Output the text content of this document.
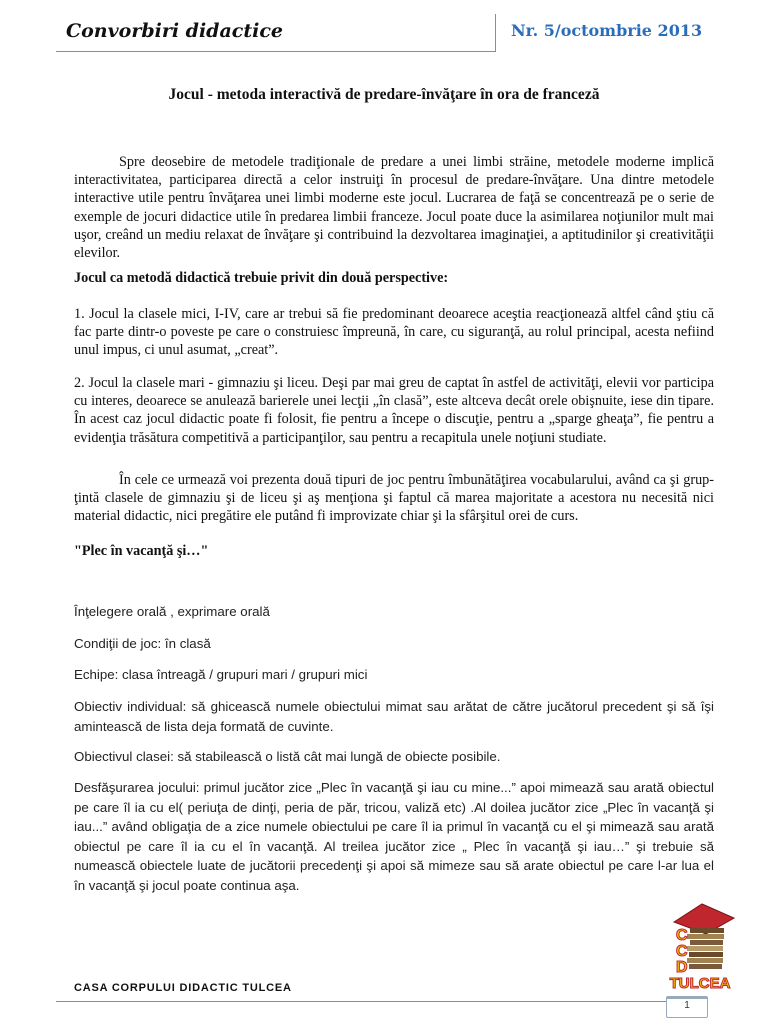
Convorbiri didactice	Nr. 5/octombrie 2013
Jocul - metoda interactivă de predare-învăţare în ora de franceză
Spre deosebire de metodele tradiţionale de predare a unei limbi străine, metodele moderne implică interactivitatea, participarea directă a celor instruiţi în procesul de predare-învăţare. Una dintre metodele interactive utile pentru învăţarea unei limbi moderne este jocul. Lucrarea de faţă se concentrează pe o serie de exemple de jocuri didactice utile în predarea limbii franceze. Jocul poate duce la asimilarea noţiunilor mult mai uşor, creând un mediu relaxat de învăţare şi contribuind la dezvoltarea imaginaţiei, a aptitudinilor şi creativităţii elevilor.
Jocul ca metodă didactică trebuie privit din două perspective:
1. Jocul la clasele mici, I-IV, care ar trebui să fie predominant deoarece aceştia reacţionează altfel când ştiu că fac parte dintr-o poveste pe care o construiesc împreună, în care, cu siguranţă, au rolul principal, acesta nefiind unul impus, ci unul asumat, „creat”.
2. Jocul la clasele mari - gimnaziu şi liceu. Deşi par mai greu de captat în astfel de activităţi, elevii vor participa cu interes, deoarece se anulează barierele unei lecţii „în clasă”, este altceva decât orele obişnuite, iese din tipare. În acest caz jocul didactic poate fi folosit, fie pentru a începe o discuţie, pentru a „sparge gheaţa”, fie pentru a evidenţia trăsătura competitivă a participanţilor, sau pentru a recapitula unele noţiuni studiate.
În cele ce urmează voi prezenta două tipuri de joc pentru îmbunătăţirea vocabularului, având ca şi grup-ţintă clasele de gimnaziu şi de liceu şi aş menţiona şi faptul că marea majoritate a acestora nu necesită nici material didactic, nici pregătire ele putând fi improvizate chiar şi la sfârşitul orei de curs.
"Plec în vacanţă şi…"
Înţelegere orală , exprimare orală
Condiţii de joc: în clasă
Echipe: clasa întreagă / grupuri mari / grupuri mici
Obiectiv individual: să ghicească numele obiectului mimat sau arătat de către jucătorul precedent şi să îşi amintească de lista deja formată de cuvinte.
Obiectivul clasei: să stabilească o listă cât mai lungă de obiecte posibile.
Desfăşurarea jocului: primul jucător zice „Plec în vacanţă şi iau cu mine...” apoi mimează sau arată obiectul pe care îl ia cu el( periuţa de dinţi, peria de păr, tricou, valiză etc) .Al doilea jucător zice „Plec în vacanţă şi iau...” având obligaţia de a zice numele obiectului pe care îl ia primul în vacanţă cu el şi mimează sau arată obiectul pe care îl ia cu el în vacanţă. Al treilea jucător zice „ Plec în vacanţă şi iau…” şi trebuie să numească obiectele luate de jucătorii precedenţi şi apoi să mimeze sau să arate obiectul pe care l-ar lua el în vacanţă şi jocul poate continua aşa.
C
C
D
TULCEA
CASA CORPULUI DIDACTIC TULCEA
1
